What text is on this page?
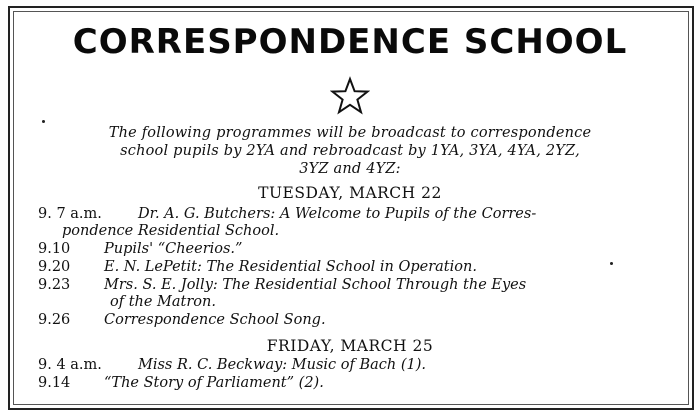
CORRESPONDENCE SCHOOL
The following programmes will be broadcast to correspondence
school pupils by 2YA and rebroadcast by 1YA, 3YA, 4YA, 2YZ,
3YZ and 4YZ:
TUESDAY, MARCH 22
9. 7 a.m. Dr. A. G. Butchers: A Welcome to Pupils of the Corres-
pondence Residential School.
9.10 Pupils' “Cheerios.”
9.20 E. N. LePetit: The Residential School in Operation.
9.23 Mrs. S. E. Jolly: The Residential School Through the Eyes
of the Matron.
9.26 Correspondence School Song.
FRIDAY, MARCH 25
9. 4 a.m. Miss R. C. Beckway: Music of Bach (1).
9.14 “The Story of Parliament” (2).
